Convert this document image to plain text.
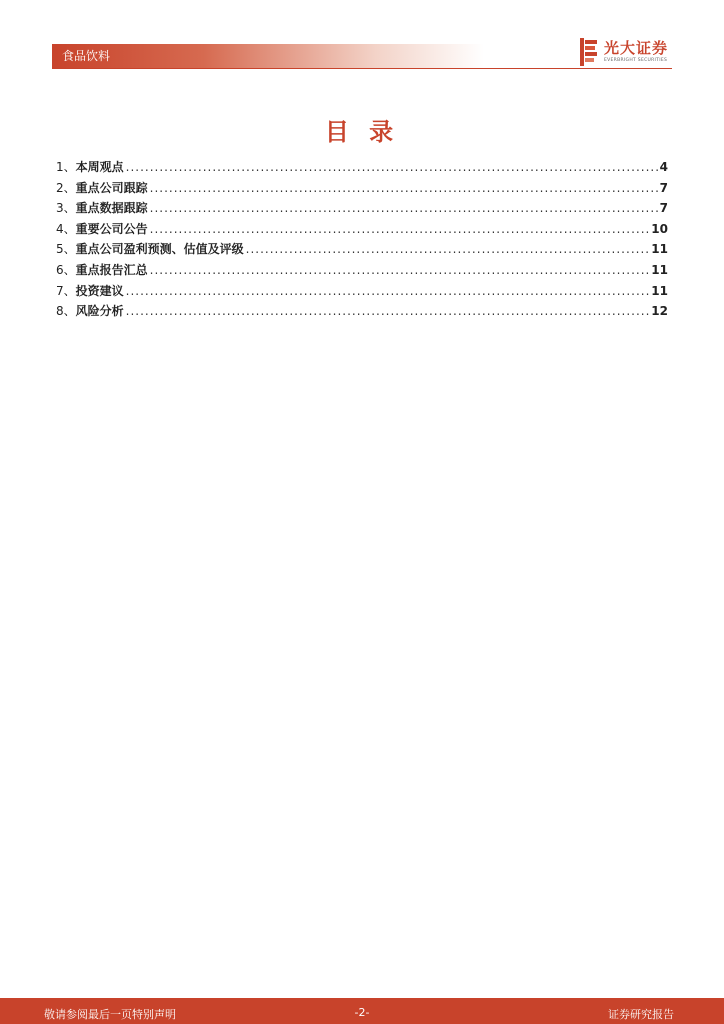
食品饮料	光大证券
EVERBRIGHT SECURITIES
目 录
1、 本周观点 .....	4
2、 重点公司跟踪 .....	7
3、 重点数据跟踪 .....	7
4、 重要公司公告 .....	10
5、 重点公司盈利预测、估值及评级 .....	11
6、 重点报告汇总 .....	11
7、 投资建议 .....	11
8、 风险分析 .....	12
敬请参阅最后一页特别声明	-2-	证券研究报告
